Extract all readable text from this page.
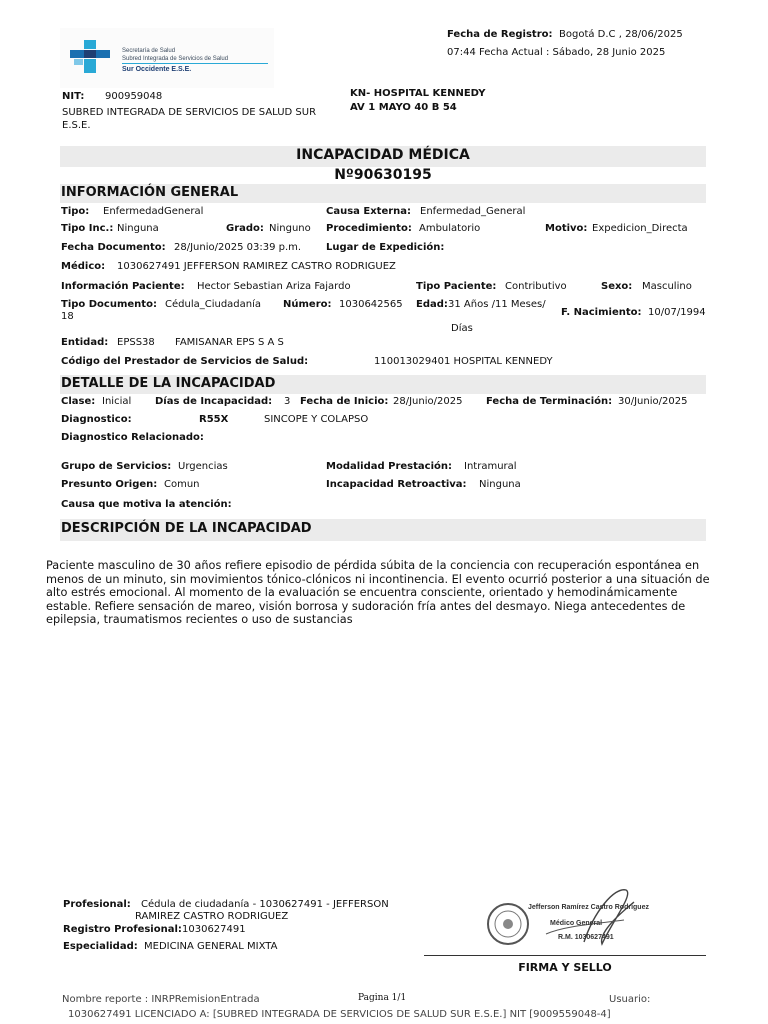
Secretaría de Salud
Subred Integrada de Servicios de Salud
Sur Occidente E.S.E.
Fecha de Registro: Bogotá D.C , 28/06/2025
07:44 Fecha Actual : Sábado, 28 Junio 2025
NIT: 900959048
SUBRED INTEGRADA DE SERVICIOS DE SALUD SUR E.S.E.
KN- HOSPITAL KENNEDY
AV 1 MAYO 40 B 54
INCAPACIDAD MÉDICA
Nº90630195
INFORMACIÓN GENERAL
Tipo: EnfermedadGeneral	Causa Externa: Enfermedad_General
Tipo Inc.: Ninguna	Grado: Ninguno Procedimiento: Ambulatorio	Motivo: Expedicion_Directa
Fecha Documento: 28/Junio/2025 03:39 p.m. Lugar de Expedición:
Médico: 1030627491 JEFFERSON RAMIREZ CASTRO RODRIGUEZ
Información Paciente: Hector Sebastian Ariza Fajardo	Tipo Paciente: Contributivo	Sexo: Masculino
Tipo Documento: Cédula_Ciudadanía
18
Número: 1030642565 Edad: 31 Años /11 Meses/
Días
F. Nacimiento: 10/07/1994
Entidad: EPSS38 FAMISANAR EPS S A S
Código del Prestador de Servicios de Salud:	110013029401 HOSPITAL KENNEDY
DETALLE DE LA INCAPACIDAD
Clase: Inicial Días de Incapacidad: 3 Fecha de Inicio: 28/Junio/2025 Fecha de Terminación: 30/Junio/2025
Diagnostico:	R55X	SINCOPE Y COLAPSO
Diagnostico Relacionado:
Grupo de Servicios: Urgencias	Modalidad Prestación: Intramural
Presunto Origen: Comun	Incapacidad Retroactiva: Ninguna
Causa que motiva la atención:
DESCRIPCIÓN DE LA INCAPACIDAD
Paciente masculino de 30 años refiere episodio de pérdida súbita de la conciencia con recuperación espontánea en menos de un minuto, sin movimientos tónico-clónicos ni incontinencia. El evento ocurrió posterior a una situación de alto estrés emocional. Al momento de la evaluación se encuentra consciente, orientado y hemodinámicamente estable. Refiere sensación de mareo, visión borrosa y sudoración fría antes del desmayo. Niega antecedentes de epilepsia, traumatismos recientes o uso de sustancias
Profesional: Cédula de ciudadanía - 1030627491 - JEFFERSON
RAMIREZ CASTRO RODRIGUEZ
Registro Profesional: 1030627491
Especialidad: MEDICINA GENERAL MIXTA
Jefferson Ramírez Castro Rodríguez
Médico General
R.M. 1030627491
FIRMA Y SELLO
Nombre reporte : INRPRemisionEntrada	Pagina 1/1	Usuario:
1030627491 LICENCIADO A: [SUBRED INTEGRADA DE SERVICIOS DE SALUD SUR E.S.E.] NIT [9009559048-4]
